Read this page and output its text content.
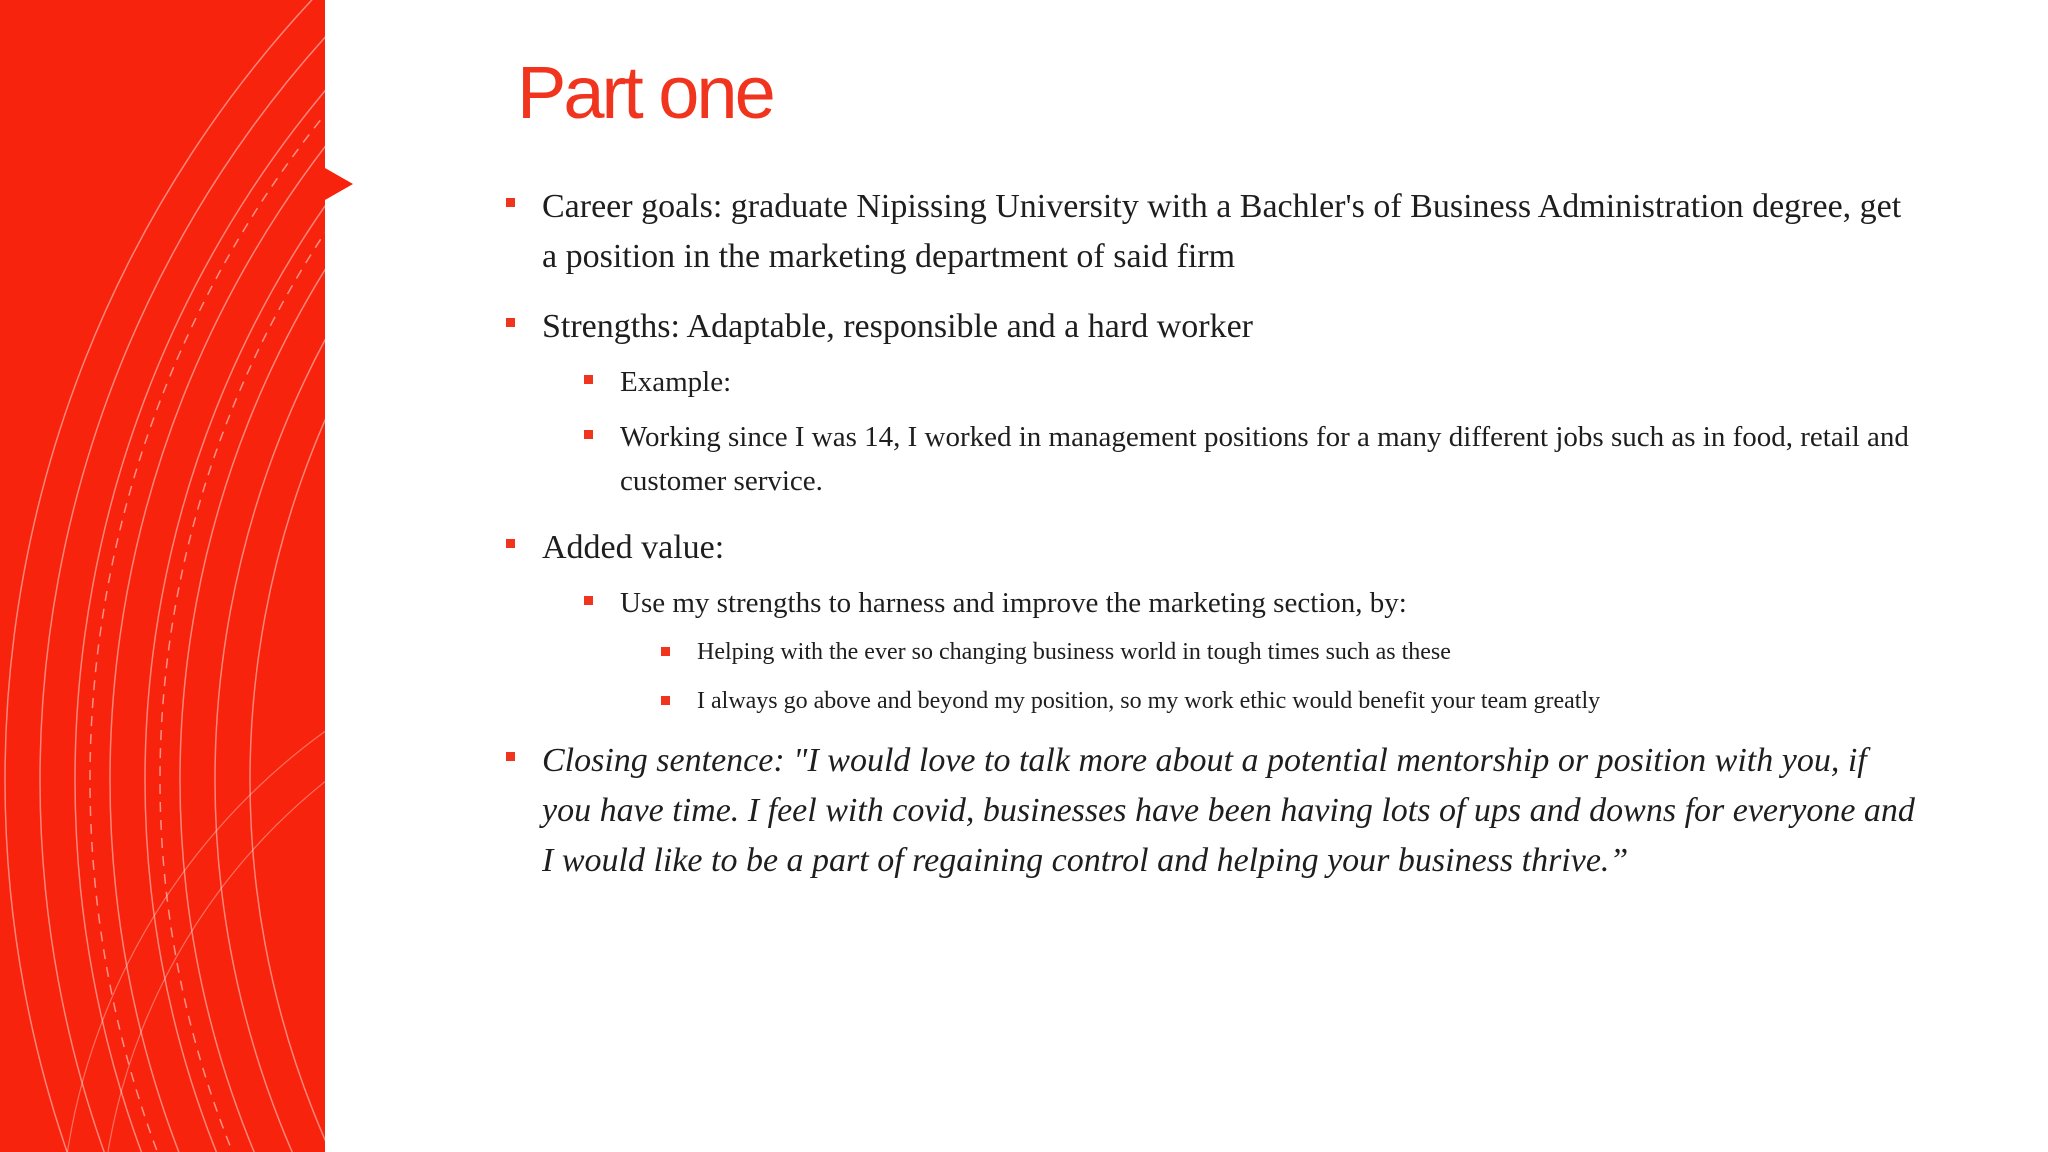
Part one
Career goals: graduate Nipissing University with a Bachler's of Business Administration degree, get a position in the marketing department of said firm
Strengths: Adaptable, responsible and a hard worker
Example:
Working since I was 14, I worked in management positions for a many different jobs such as in food, retail and customer service.
Added value:
Use my strengths to harness and improve the marketing section, by:
Helping with the ever so changing business world in tough times such as these
I always go above and beyond my position, so my work ethic would benefit your team greatly
Closing sentence: "I would love to talk more about a potential mentorship or position with you, if you have time. I feel with covid, businesses have been having lots of ups and downs for everyone and I would like to be a part of regaining control and helping your business thrive.”
